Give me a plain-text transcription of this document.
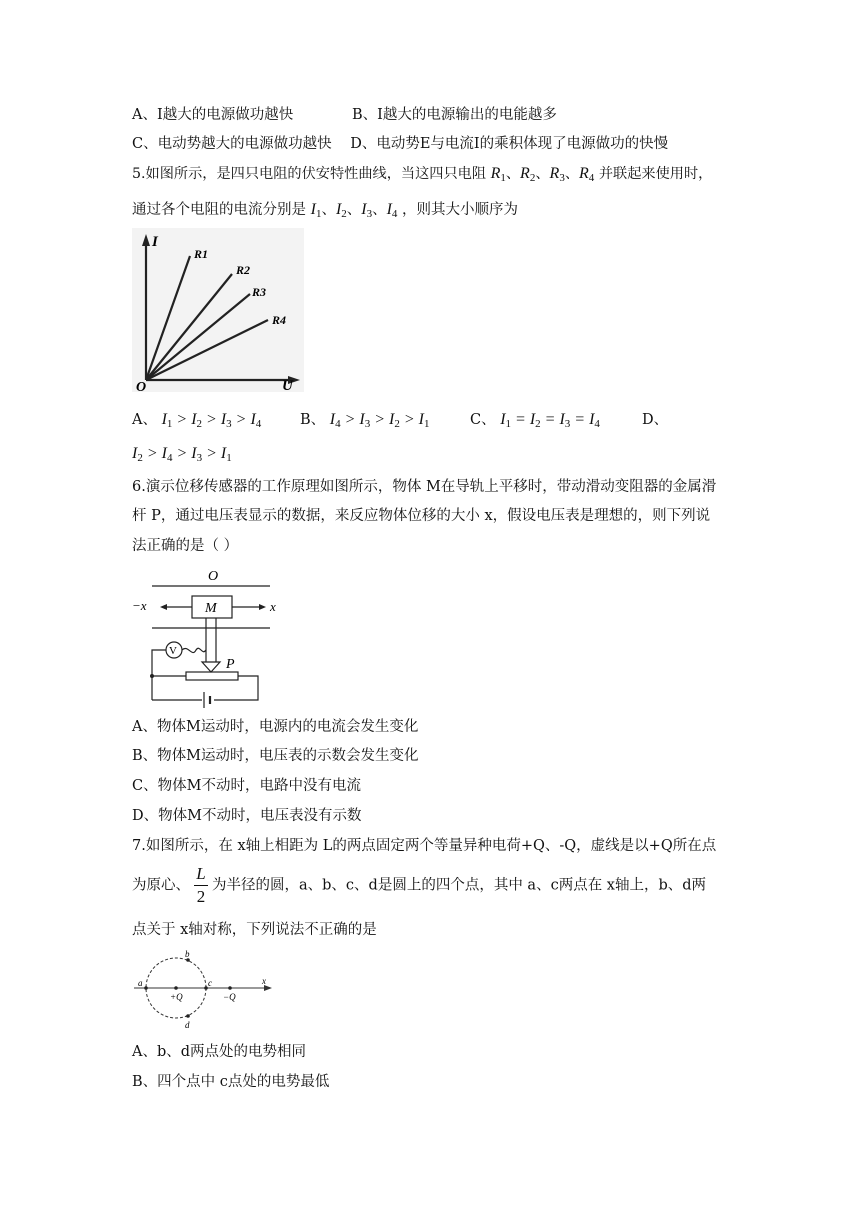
A、I越大的电源做功越快	B、I越大的电源输出的电能越多
C、电动势越大的电源做功越快 D、电动势E与电流I的乘积体现了电源做功的快慢
5.如图所示，是四只电阻的伏安特性曲线，当这四只电阻 $R_1$、$R_2$、$R_3$、$R_4$ 并联起来使用时，
通过各个电阻的电流分别是 $I_1$、$I_2$、$I_3$、$I_4$ ，则其大小顺序为
I
U
O
R1
R2
R3
R4
A、 $I_1 > I_2 > I_3 > I_4$	B、 $I_4 > I_3 > I_2 > I_1$	C、 $I_1 = I_2 = I_3 = I_4$	D、
$I_2 > I_4 > I_3 > I_1$
6.演示位移传感器的工作原理如图所示，物体 M在导轨上平移时，带动滑动变阻器的金属滑
杆 P，通过电压表显示的数据，来反应物体位移的大小 x，假设电压表是理想的，则下列说
法正确的是（ ）
O
−x	x
M
V
P
A、物体M运动时，电源内的电流会发生变化
B、物体M运动时，电压表的示数会发生变化
C、物体M不动时，电路中没有电流
D、物体M不动时，电压表没有示数
7.如图所示，在 x轴上相距为 L的两点固定两个等量异种电荷+Q、-Q，虚线是以+Q所在点
为原心、 $\frac{L}{2}$ 为半径的圆，a、b、c、d是圆上的四个点，其中 a、c两点在 x轴上，b、d两
点关于 x轴对称，下列说法不正确的是
a
b
c
d
+Q	−Q
x
A、b、d两点处的电势相同
B、四个点中 c点处的电势最低
